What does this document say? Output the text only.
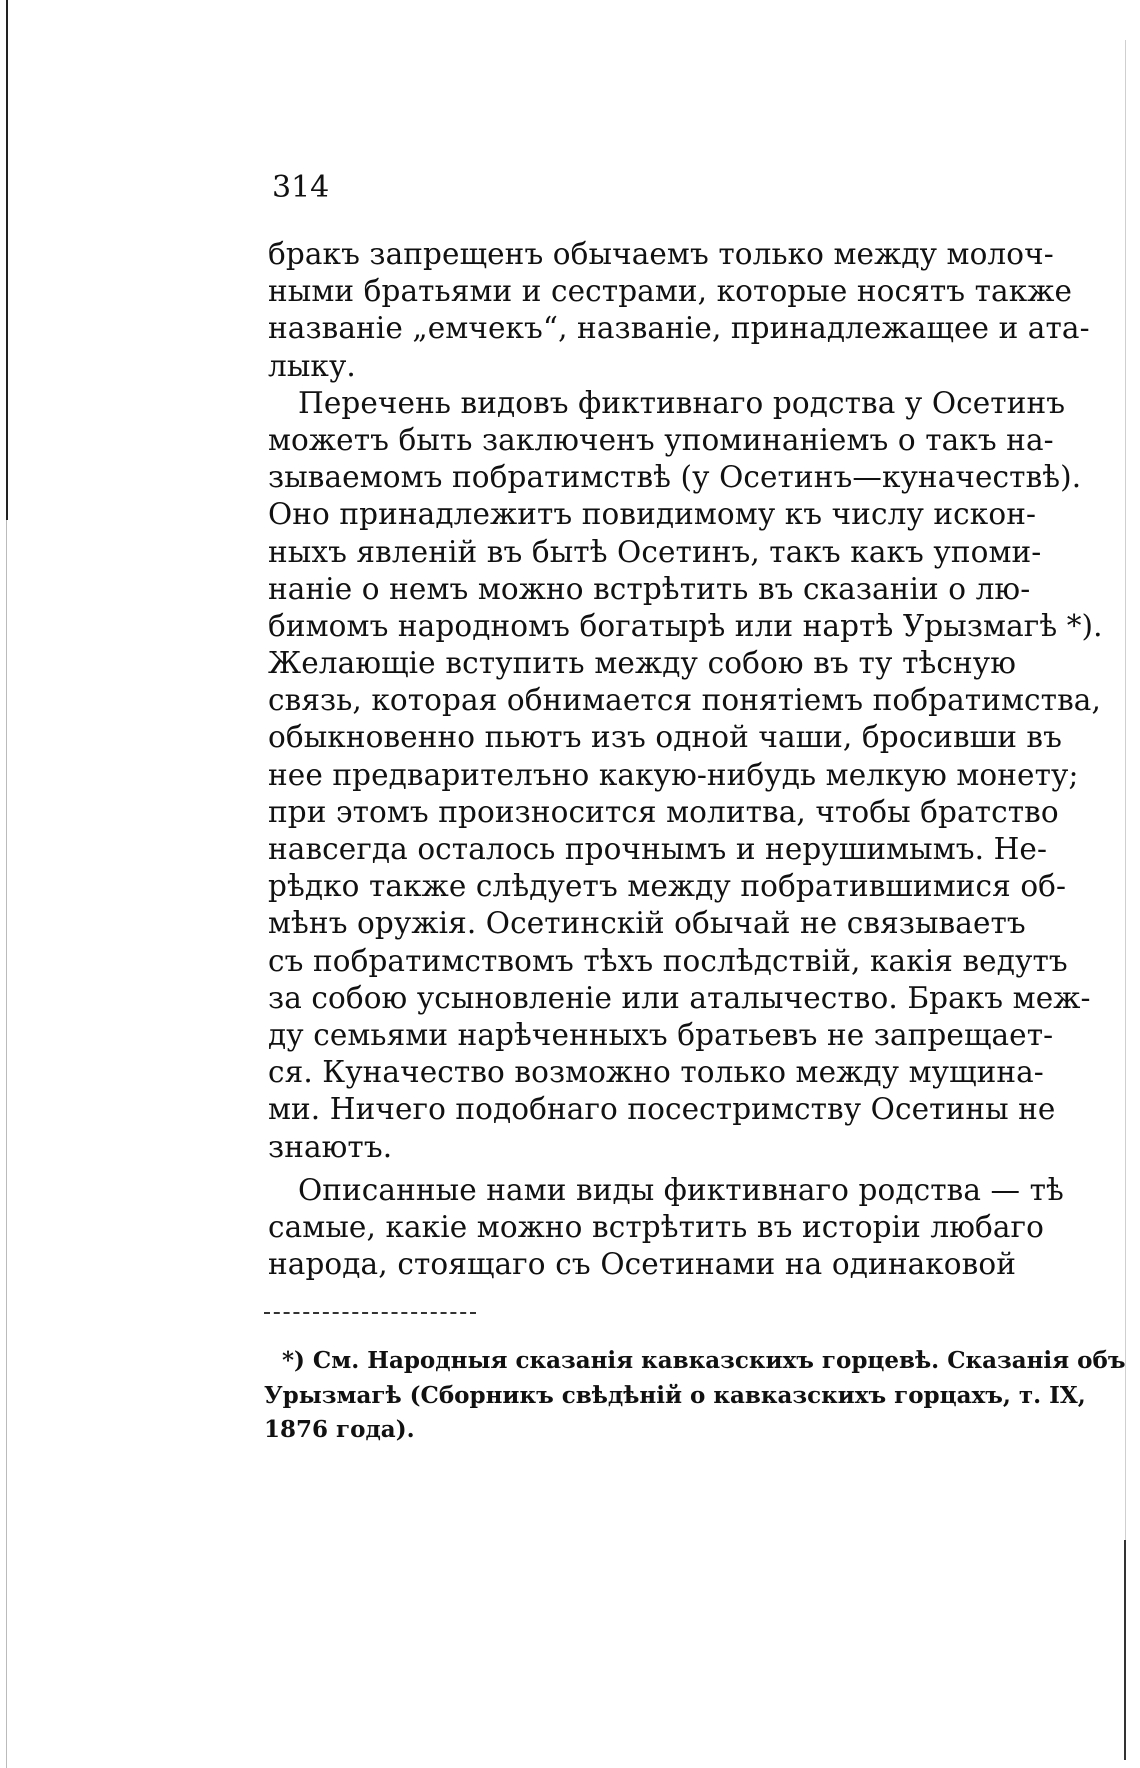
314
бракъ запрещенъ обычаемъ только между молоч-
ными братьями и сестрами, которые носятъ также
названіе „емчекъ“, названіе, принадлежащее и ата-
лыку.
Перечень видовъ фиктивнаго родства у Осетинъ
можетъ быть заключенъ упоминаніемъ о такъ на-
зываемомъ побратимствѣ (у Осетинъ—куначествѣ).
Оно принадлежитъ повидимому къ числу искон-
ныхъ явленій въ бытѣ Осетинъ, такъ какъ упоми-
наніе о немъ можно встрѣтить въ сказаніи о лю-
бимомъ народномъ богатырѣ или нартѣ Урызмагѣ *).
Желающіе вступить между собою въ ту тѣсную
связь, которая обнимается понятіемъ побратимства,
обыкновенно пьютъ изъ одной чаши, бросивши въ
нее предварителъно какую-нибудь мелкую монету;
при этомъ произносится молитва, чтобы братство
навсегда осталось прочнымъ и нерушимымъ. Не-
рѣдко также слѣдуетъ между побратившимися об-
мѣнъ оружія. Осетинскій обычай не связываетъ
съ побратимствомъ тѣхъ послѣдствій, какія ведутъ
за собою усыновленіе или аталычество. Бракъ меж-
ду семьями нарѣченныхъ братьевъ не запрещает-
ся. Куначество возможно только между мущина-
ми. Ничего подобнаго посестримству Осетины не
знаютъ.
Описанные нами виды фиктивнаго родства — тѣ
самые, какіе можно встрѣтить въ исторіи любаго
народа, стоящаго съ Осетинами на одинаковой
*) См. Народныя сказанія кавказскихъ горцевѣ. Сказанія объ
Урызмагѣ (Сборникъ свѣдѣній о кавказскихъ горцахъ, т. IX,
1876 года).
